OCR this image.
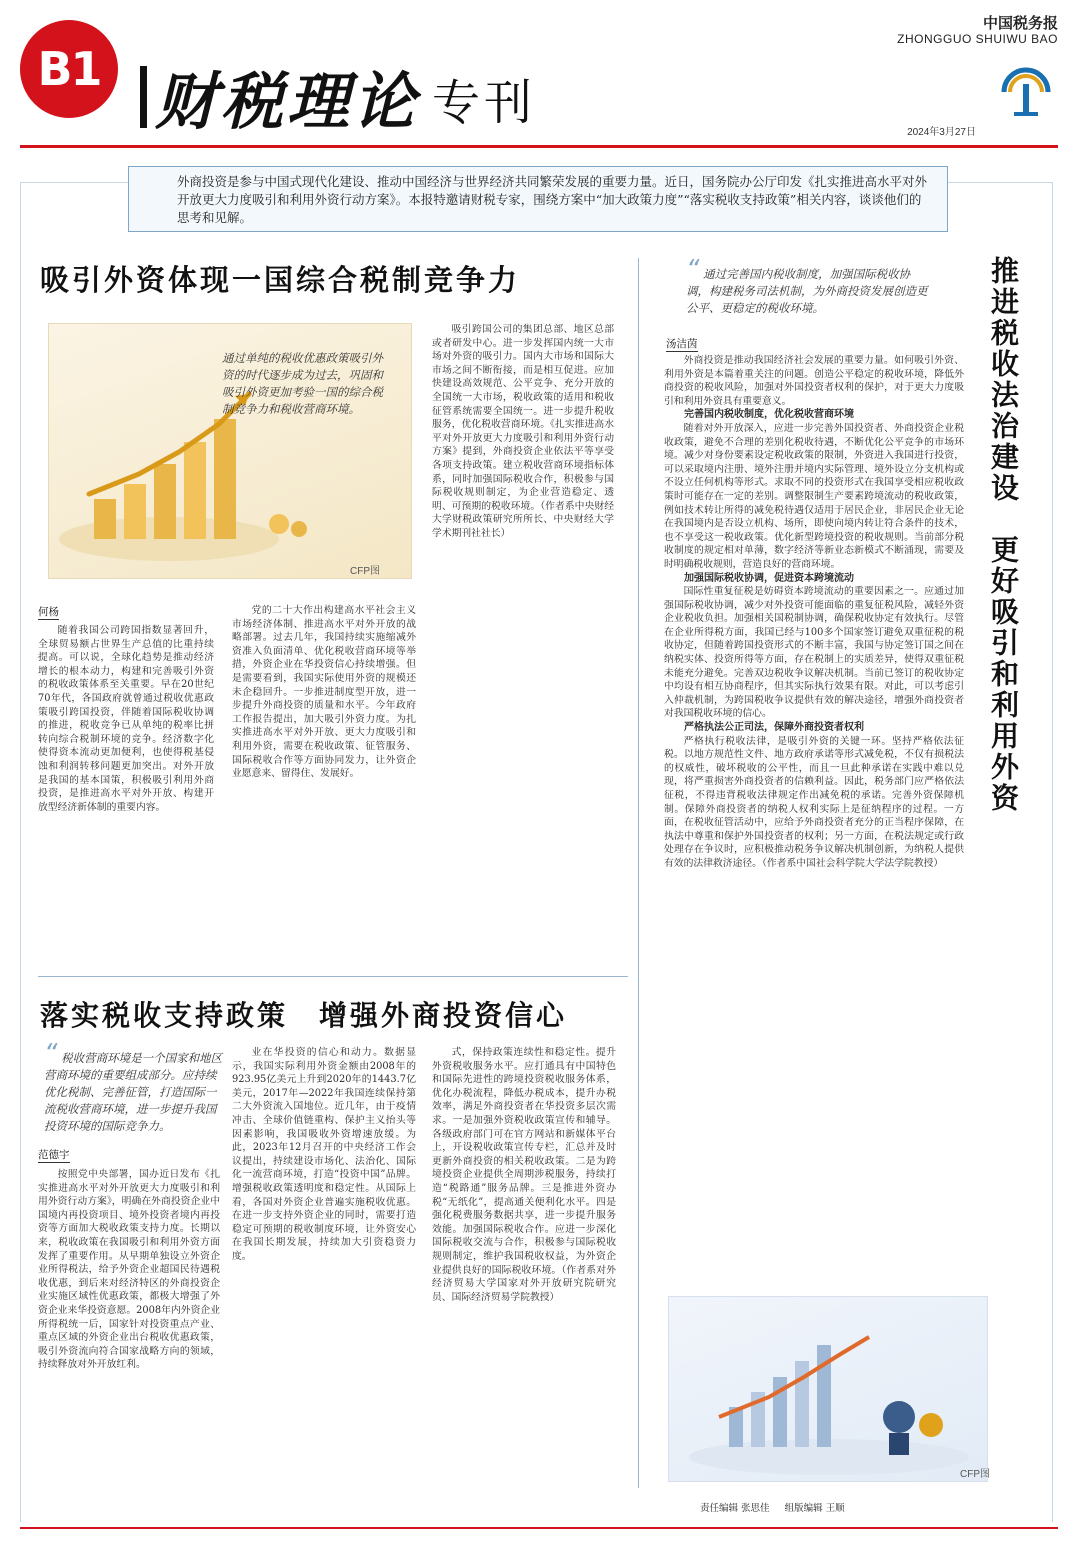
B1 财税理论 专刊
中国税务报
ZHONGGUO SHUIWU BAO
2024年3月27日
外商投资是参与中国式现代化建设、推动中国经济与世界经济共同繁荣发展的重要力量。近日，国务院办公厅印发《扎实推进高水平对外开放更大力度吸引和利用外资行动方案》。本报特邀请财税专家，围绕方案中“加大政策力度”“落实税收支持政策”相关内容，谈谈他们的思考和见解。
吸引外资体现一国综合税制竞争力
通过单纯的税收优惠政策吸引外资的时代逐步成为过去，巩固和吸引外资更加考验一国的综合税制竞争力和税收营商环境。
CFP图
何杨

随着我国公司跨国指数显著回升，全球贸易额占世界生产总值的比重持续提高。可以说，全球化趋势是推动经济增长的根本动力，构建和完善吸引外资的税收政策体系至关重要。早在20世纪70年代，各国政府就曾通过税收优惠政策吸引跨国投资，伴随着国际税收协调的推进，税收竞争已从单纯的税率比拼转向综合税制环境的竞争。经济数字化使得资本流动更加便利，也使得税基侵蚀和利润转移问题更加突出。对外开放是我国的基本国策，积极吸引利用外商投资，是推进高水平对外开放、构建开放型经济新体制的重要内容。

党的二十大作出构建高水平社会主义市场经济体制、推进高水平对外开放的战略部署。过去几年，我国持续实施缩减外资准入负面清单、优化税收营商环境等举措，外资企业在华投资信心持续增强。但是需要看到，我国实际使用外资的规模还未企稳回升。一步推进制度型开放，进一步提升外商投资的质量和水平。今年政府工作报告提出，加大吸引外资力度。为扎实推进高水平对外开放、更大力度吸引和利用外资，需要在税收政策、征管服务、国际税收合作等方面协同发力，让外资企业愿意来、留得住、发展好。

吸引跨国公司的集团总部、地区总部或者研发中心。进一步发挥国内统一大市场对外资的吸引力。国内大市场和国际大市场之间不断衔接，而是相互促进。应加快建设高效规范、公平竞争、充分开放的全国统一大市场，税收政策的适用和税收征管系统需要全国统一。进一步提升税收服务，优化税收营商环境。《扎实推进高水平对外开放更大力度吸引和利用外资行动方案》提到，外商投资企业依法平等享受各项支持政策。建立税收营商环境指标体系，同时加强国际税收合作，积极参与国际税收规则制定，为企业营造稳定、透明、可预期的税收环境。（作者系中央财经大学财税政策研究所所长、中央财经大学学术期刊社社长）

落实税收支持政策　增强外商投资信心
“ 税收营商环境是一个国家和地区营商环境的重要组成部分。应持续优化税制、完善征管，打造国际一流税收营商环境，进一步提升我国投资环境的国际竞争力。
范德宇

按照党中央部署，国办近日发布《扎实推进高水平对外开放更大力度吸引和利用外资行动方案》，明确在外商投资企业中国境内再投资项目、境外投资者境内再投资等方面加大税收政策支持力度。长期以来，税收政策在我国吸引和利用外资方面发挥了重要作用。从早期单独设立外资企业所得税法，给予外资企业超国民待遇税收优惠，到后来对经济特区的外商投资企业实施区域性优惠政策，都极大增强了外资企业来华投资意愿。2008年内外资企业所得税统一后，国家针对投资重点产业、重点区域的外资企业出台税收优惠政策，吸引外资流向符合国家战略方向的领域，持续释放对外开放红利。

业在华投资的信心和动力。数据显示，我国实际利用外资金额由2008年的923.95亿美元上升到2020年的1443.7亿美元，2017年—2022年我国连续保持第二大外资流入国地位。近几年，由于疫情冲击、全球价值链重构、保护主义抬头等因素影响，我国吸收外资增速放缓。为此，2023年12月召开的中央经济工作会议提出，持续建设市场化、法治化、国际化一流营商环境，打造“投资中国”品牌。增强税收政策透明度和稳定性。从国际上看，各国对外资企业普遍实施税收优惠。在进一步支持外资企业的同时，需要打造稳定可预期的税收制度环境，让外资安心在我国长期发展，持续加大引资稳资力度。

式，保持政策连续性和稳定性。提升外资税收服务水平。应打通具有中国特色和国际先进性的跨境投资税收服务体系，优化办税流程，降低办税成本，提升办税效率，满足外商投资者在华投资多层次需求。一是加强外资税收政策宣传和辅导。各级政府部门可在官方网站和新媒体平台上，开设税收政策宣传专栏，汇总并及时更新外商投资的相关税收政策。二是为跨境投资企业提供全周期涉税服务，持续打造“税路通”服务品牌。三是推进外资办税“无纸化”，提高通关便利化水平。四是强化税费服务数据共享，进一步提升服务效能。加强国际税收合作。应进一步深化国际税收交流与合作，积极参与国际税收规则制定，维护我国税收权益，为外资企业提供良好的国际税收环境。（作者系对外经济贸易大学国家对外开放研究院研究员、国际经济贸易学院教授）

“ 通过完善国内税收制度，加强国际税收协调，构建税务司法机制，为外商投资发展创造更公平、更稳定的税收环境。	推进税收法治建设　更好吸引和利用外资
汤洁茵

外商投资是推动我国经济社会发展的重要力量。如何吸引外资、利用外资是本篇着重关注的问题。创造公平稳定的税收环境，降低外商投资的税收风险，加强对外国投资者权利的保护，对于更大力度吸引和利用外资具有重要意义。

完善国内税收制度，优化税收营商环境

随着对外开放深入，应进一步完善外国投资者、外商投资企业税收政策，避免不合理的差别化税收待遇，不断优化公平竞争的市场环境。减少对身份要素设定税收政策的限制，外资进入我国进行投资，可以采取境内注册、境外注册并境内实际管理、境外设立分支机构或不设立任何机构等形式。求取不同的投资形式在我国享受相应税收政策时可能存在一定的差别。调整限制生产要素跨境流动的税收政策，例如技术转让所得的减免税待遇仅适用于居民企业，非居民企业无论在我国境内是否设立机构、场所，即使向境内转让符合条件的技术，也不享受这一税收政策。优化新型跨境投资的税收规则。当前部分税收制度的规定相对单薄，数字经济等新业态新模式不断涌现，需要及时明确税收规则，营造良好的营商环境。

加强国际税收协调，促进资本跨境流动

国际性重复征税是妨碍资本跨境流动的重要因素之一。应通过加强国际税收协调，减少对外投资可能面临的重复征税风险，减轻外资企业税收负担。加强相关国税制协调，确保税收协定有效执行。尽管在企业所得税方面，我国已经与100多个国家签订避免双重征税的税收协定，但随着跨国投资形式的不断丰富，我国与协定签订国之间在纳税实体、投资所得等方面，存在税制上的实质差异，使得双重征税未能充分避免。完善双边税收争议解决机制。当前已签订的税收协定中均设有相互协商程序，但其实际执行效果有限。对此，可以考虑引入仲裁机制，为跨国税收争议提供有效的解决途径，增强外商投资者对我国税收环境的信心。

严格执法公正司法，保障外商投资者权利

严格执行税收法律，是吸引外资的关键一环。坚持严格依法征税。以地方规范性文件、地方政府承诺等形式减免税，不仅有损税法的权威性，破坏税收的公平性，而且一旦此种承诺在实践中难以兑现，将严重损害外商投资者的信赖利益。因此，税务部门应严格依法征税，不得违背税收法律规定作出减免税的承诺。完善外资保障机制。保障外商投资者的纳税人权利实际上是征纳程序的过程。一方面，在税收征管活动中，应给予外商投资者充分的正当程序保障，在执法中尊重和保护外国投资者的权利；另一方面，在税法规定或行政处理存在争议时，应积极推动税务争议解决机制创新，为纳税人提供有效的法律救济途径。（作者系中国社会科学院大学法学院教授）

CFP图
责任编辑 张思佳 组版编辑 王顺
